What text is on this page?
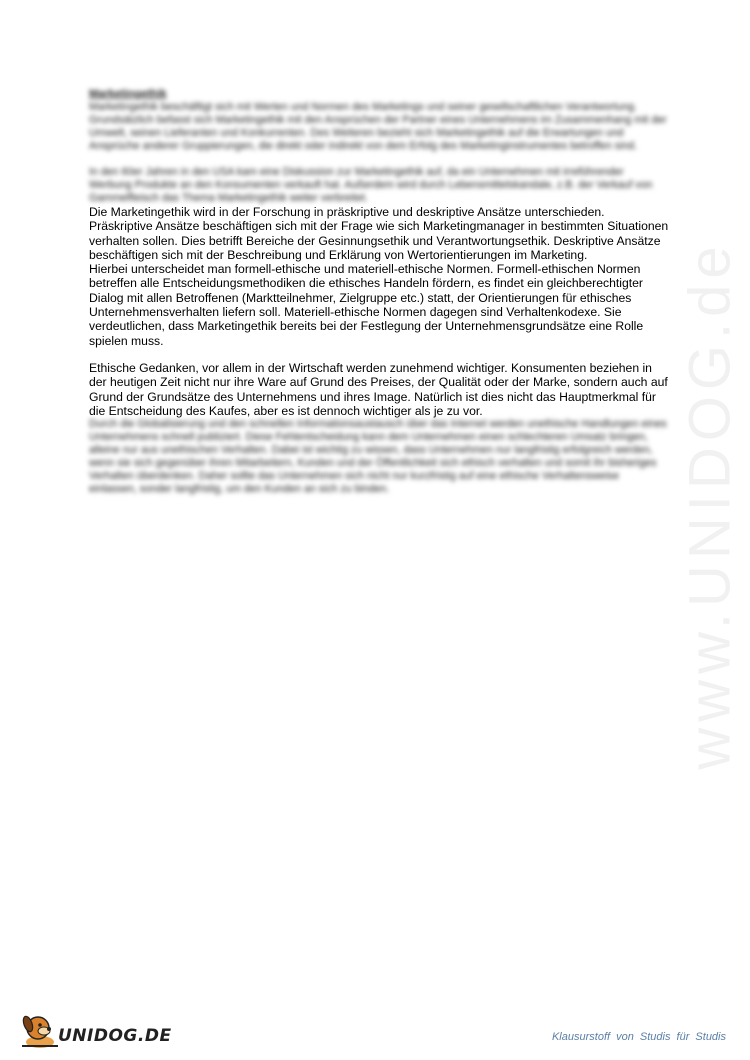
www.UNIDOG.de

Marketingethik

Marketingethik beschäftigt sich mit Werten und Normen des Marketings und seiner gesellschaftlichen Verantwortung. Grundsätzlich befasst sich Marketingethik mit den Ansprüchen der Partner eines Unternehmens im Zusammenhang mit der Umwelt, seinen Lieferanten und Konkurrenten. Des Weiteren bezieht sich Marketingethik auf die Erwartungen und Ansprüche anderer Gruppierungen, die direkt oder indirekt von dem Erfolg des Marketinginstrumentes betroffen sind.

In den 60er Jahren in den USA kam eine Diskussion zur Marketingethik auf, da ein Unternehmen mit irreführender Werbung Produkte an den Konsumenten verkauft hat. Außerdem wird durch Lebensmittelskandale, z.B. der Verkauf von Gammelfleisch das Thema Marketingethik weiter verbreitet.

Die Marketingethik wird in der Forschung in präskriptive und deskriptive Ansätze unterschieden. Präskriptive Ansätze beschäftigen sich mit der Frage wie sich Marketingmanager in bestimmten Situationen verhalten sollen. Dies betrifft Bereiche der Gesinnungsethik und Verantwortungsethik. Deskriptive Ansätze beschäftigen sich mit der Beschreibung und Erklärung von Wertorientierungen im Marketing.

Hierbei unterscheidet man formell-ethische und materiell-ethische Normen. Formell-ethischen Normen betreffen alle Entscheidungsmethodiken die ethisches Handeln fördern, es findet ein gleichberechtigter Dialog mit allen Betroffenen (Marktteilnehmer, Zielgruppe etc.) statt, der Orientierungen für ethisches Unternehmensverhalten liefern soll. Materiell-ethische Normen dagegen sind Verhaltenkodexe. Sie verdeutlichen, dass Marketingethik bereits bei der Festlegung der Unternehmensgrundsätze eine Rolle spielen muss.

Ethische Gedanken, vor allem in der Wirtschaft werden zunehmend wichtiger. Konsumenten beziehen in der heutigen Zeit nicht nur ihre Ware auf Grund des Preises, der Qualität oder der Marke, sondern auch auf Grund der Grundsätze des Unternehmens und ihres Image. Natürlich ist dies nicht das Hauptmerkmal für die Entscheidung des Kaufes, aber es ist dennoch wichtiger als je zu vor.

Durch die Globalisierung und den schnellen Informationsaustausch über das Internet werden unethische Handlungen eines Unternehmens schnell publiziert. Diese Fehlentscheidung kann dem Unternehmen einen schlechteren Umsatz bringen, alleine nur aus unethischen Verhalten. Dabei ist wichtig zu wissen, dass Unternehmen nur langfristig erfolgreich werden, wenn sie sich gegenüber ihren Mitarbeitern, Kunden und der Öffentlichkeit sich ethisch verhalten und somit ihr bisheriges Verhalten überdenken. Daher sollte das Unternehmen sich nicht nur kurzfristig auf eine ethische Verhaltensweise einlassen, sonder langfristig, um den Kunden an sich zu binden.

UNIDOG.DE	Klausurstoff von Studis für Studis
